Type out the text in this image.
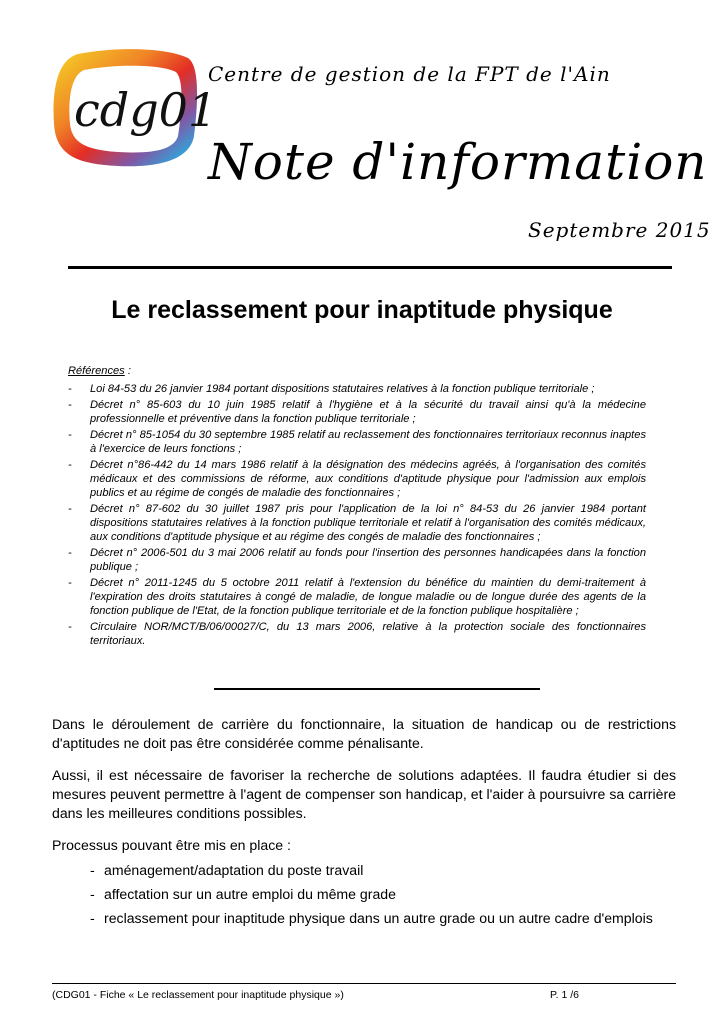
cdg01
Centre de gestion de la FPT de l'Ain
Note d'information
Septembre 2015
Le reclassement pour inaptitude physique
Références :
- Loi 84-53 du 26 janvier 1984 portant dispositions statutaires relatives à la fonction publique territoriale ;
- Décret n° 85-603 du 10 juin 1985 relatif à l'hygiène et à la sécurité du travail ainsi qu'à la médecine professionnelle et préventive dans la fonction publique territoriale ;
- Décret n° 85-1054 du 30 septembre 1985 relatif au reclassement des fonctionnaires territoriaux reconnus inaptes à l'exercice de leurs fonctions ;
- Décret n°86-442 du 14 mars 1986 relatif à la désignation des médecins agréés, à l'organisation des comités médicaux et des commissions de réforme, aux conditions d'aptitude physique pour l'admission aux emplois publics et au régime de congés de maladie des fonctionnaires ;
- Décret n° 87-602 du 30 juillet 1987 pris pour l'application de la loi n° 84-53 du 26 janvier 1984 portant dispositions statutaires relatives à la fonction publique territoriale et relatif à l'organisation des comités médicaux, aux conditions d'aptitude physique et au régime des congés de maladie des fonctionnaires ;
- Décret n° 2006-501 du 3 mai 2006 relatif au fonds pour l'insertion des personnes handicapées dans la fonction publique ;
- Décret n° 2011-1245 du 5 octobre 2011 relatif à l'extension du bénéfice du maintien du demi-traitement à l'expiration des droits statutaires à congé de maladie, de longue maladie ou de longue durée des agents de la fonction publique de l'Etat, de la fonction publique territoriale et de la fonction publique hospitalière ;
- Circulaire NOR/MCT/B/06/00027/C, du 13 mars 2006, relative à la protection sociale des fonctionnaires territoriaux.

Dans le déroulement de carrière du fonctionnaire, la situation de handicap ou de restrictions d'aptitudes ne doit pas être considérée comme pénalisante.

Aussi, il est nécessaire de favoriser la recherche de solutions adaptées. Il faudra étudier si des mesures peuvent permettre à l'agent de compenser son handicap, et l'aider à poursuivre sa carrière dans les meilleures conditions possibles.

Processus pouvant être mis en place :

- aménagement/adaptation du poste travail
- affectation sur un autre emploi du même grade
- reclassement pour inaptitude physique dans un autre grade ou un autre cadre d'emplois
(CDG01 - Fiche « Le reclassement pour inaptitude physique »)	P. 1 /6
